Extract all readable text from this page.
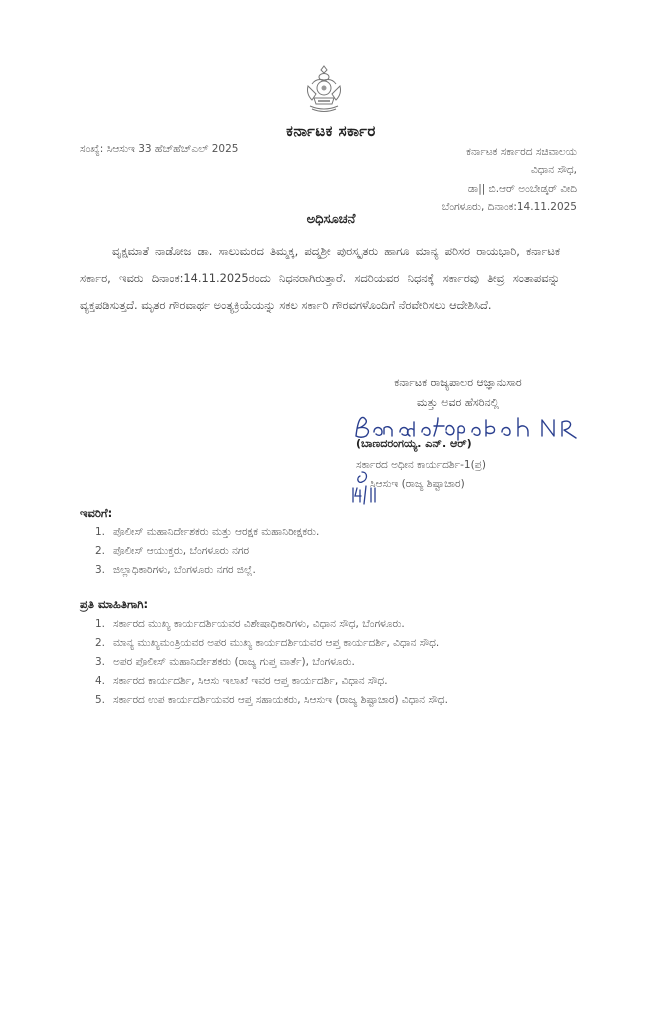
ಕರ್ನಾಟಕ ಸರ್ಕಾರ
ಸಂಖ್ಯೆ: ಸಿಆಸುಇ 33 ಹೆಚ್‌ಹೆಚ್‌ಎಲ್ 2025	ಕರ್ನಾಟಕ ಸರ್ಕಾರದ ಸಚಿವಾಲಯ
ವಿಧಾನ ಸೌಧ,
ಡಾ|| ಬಿ.ಆರ್ ಅಂಬೇಡ್ಕರ್ ವೀದಿ
ಬೆಂಗಳೂರು, ದಿನಾಂಕ:14.11.2025
ಅಧಿಸೂಚನೆ
ವೃಕ್ಷಮಾತೆ ನಾಡೋಜ ಡಾ. ಸಾಲುಮರದ ತಿಮ್ಮಕ್ಕ, ಪದ್ಮಶ್ರೀ ಪುರಸ್ಕೃತರು ಹಾಗೂ ಮಾನ್ಯ ಪರಿಸರ ರಾಯಭಾರಿ, ಕರ್ನಾಟಕ ಸರ್ಕಾರ, ಇವರು ದಿನಾಂಕ:14.11.2025ರಂದು ನಿಧನರಾಗಿರುತ್ತಾರೆ. ಸದರಿಯವರ ನಿಧನಕ್ಕೆ ಸರ್ಕಾರವು ತೀವ್ರ ಸಂತಾಪವನ್ನು ವ್ಯಕ್ತಪಡಿಸುತ್ತದೆ. ಮೃತರ ಗೌರವಾರ್ಥ ಅಂತ್ಯಕ್ರಿಯೆಯನ್ನು ಸಕಲ ಸರ್ಕಾರಿ ಗೌರವಗಳೊಂದಿಗೆ ನೆರವೇರಿಸಲು ಆದೇಶಿಸಿದೆ.
ಕರ್ನಾಟಕ ರಾಜ್ಯಪಾಲರ ಆಜ್ಞಾನುಸಾರ
ಮತ್ತು ಅವರ ಹೆಸರಿನಲ್ಲಿ
(ಬಾಣದರಂಗಯ್ಯ. ಎನ್. ಆರ್)
ಸರ್ಕಾರದ ಅಧೀನ ಕಾರ್ಯದರ್ಶಿ-1(ಪ್ರ)
ಸಿಆಸುಇ (ರಾಜ್ಯ ಶಿಷ್ಟಾಚಾರ)
ಇವರಿಗೆ:
1. ಪೊಲೀಸ್ ಮಹಾನಿರ್ದೇಶಕರು ಮತ್ತು ಆರಕ್ಷಕ ಮಹಾನಿರೀಕ್ಷಕರು.
2. ಪೊಲೀಸ್ ಆಯುಕ್ತರು, ಬೆಂಗಳೂರು ನಗರ
3. ಜಿಲ್ಲಾಧಿಕಾರಿಗಳು, ಬೆಂಗಳೂರು ನಗರ ಜಿಲ್ಲೆ.
ಪ್ರತಿ ಮಾಹಿತಿಗಾಗಿ:
1. ಸರ್ಕಾರದ ಮುಖ್ಯ ಕಾರ್ಯದರ್ಶಿಯವರ ವಿಶೇಷಾಧಿಕಾರಿಗಳು, ವಿಧಾನ ಸೌಧ, ಬೆಂಗಳೂರು.
2. ಮಾನ್ಯ ಮುಖ್ಯಮಂತ್ರಿಯವರ ಅಪರ ಮುಖ್ಯ ಕಾರ್ಯದರ್ಶಿಯವರ ಆಪ್ತ ಕಾರ್ಯದರ್ಶಿ, ವಿಧಾನ ಸೌಧ.
3. ಅಪರ ಪೊಲೀಸ್ ಮಹಾನಿರ್ದೇಶಕರು (ರಾಜ್ಯ ಗುಪ್ತ ವಾರ್ತೆ), ಬೆಂಗಳೂರು.
4. ಸರ್ಕಾರದ ಕಾರ್ಯದರ್ಶಿ, ಸಿಆಸು ಇಲಾಖೆ ಇವರ ಆಪ್ತ ಕಾರ್ಯದರ್ಶಿ, ವಿಧಾನ ಸೌಧ.
5. ಸರ್ಕಾರದ ಉಪ ಕಾರ್ಯದರ್ಶಿಯವರ ಆಪ್ತ ಸಹಾಯಕರು, ಸಿಆಸುಇ (ರಾಜ್ಯ ಶಿಷ್ಟಾಚಾರ) ವಿಧಾನ ಸೌಧ.
